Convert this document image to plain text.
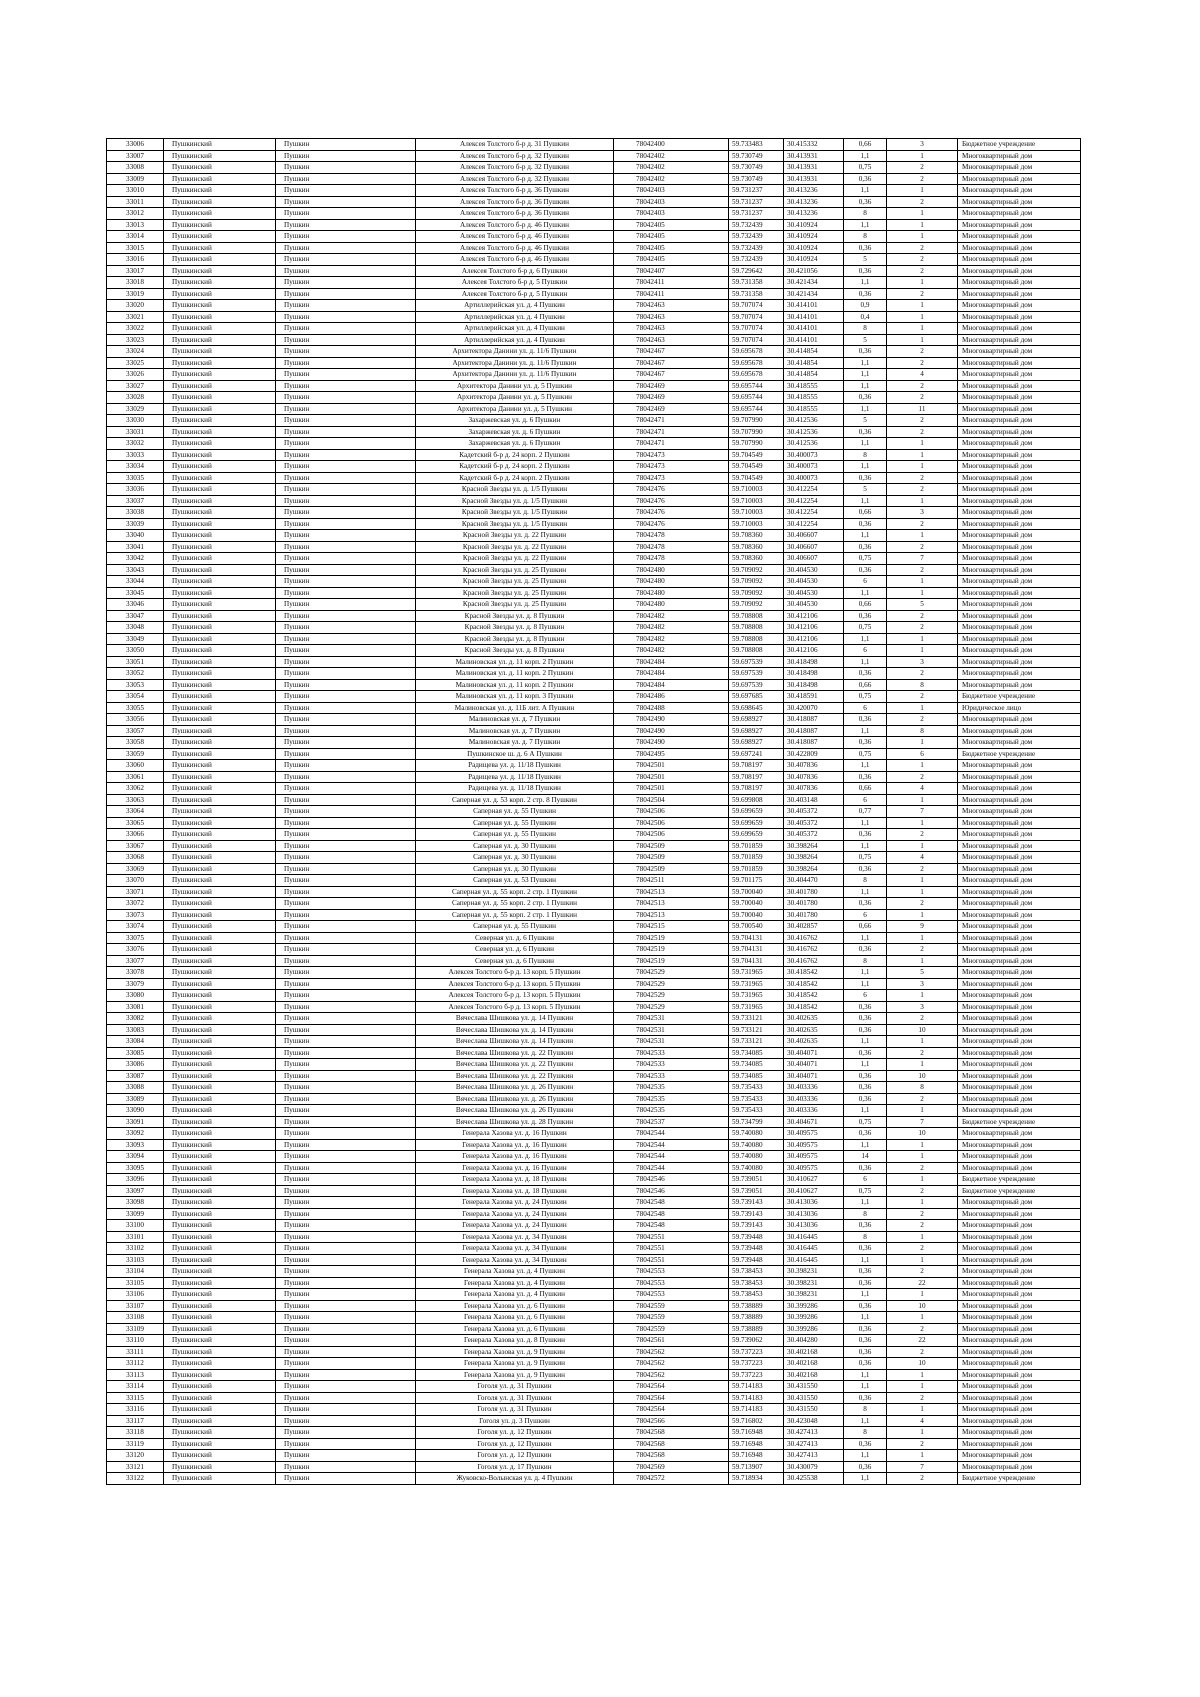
33006	Пушкинский	Пушкин	Алексея Толстого б-р д. 31 Пушкин	78042400	59.733483	30.415332	0,66	3	Бюджетное учреждение
33007	Пушкинский	Пушкин	Алексея Толстого б-р д. 32 Пушкин	78042402	59.730749	30.413931	1,1	1	Многоквартирный дом
33008	Пушкинский	Пушкин	Алексея Толстого б-р д. 32 Пушкин	78042402	59.730749	30.413931	0,75	2	Многоквартирный дом
33009	Пушкинский	Пушкин	Алексея Толстого б-р д. 32 Пушкин	78042402	59.730749	30.413931	0,36	2	Многоквартирный дом
33010	Пушкинский	Пушкин	Алексея Толстого б-р д. 36 Пушкин	78042403	59.731237	30.413236	1,1	1	Многоквартирный дом
33011	Пушкинский	Пушкин	Алексея Толстого б-р д. 36 Пушкин	78042403	59.731237	30.413236	0,36	2	Многоквартирный дом
33012	Пушкинский	Пушкин	Алексея Толстого б-р д. 36 Пушкин	78042403	59.731237	30.413236	8	1	Многоквартирный дом
33013	Пушкинский	Пушкин	Алексея Толстого б-р д. 46 Пушкин	78042405	59.732439	30.410924	1,1	1	Многоквартирный дом
33014	Пушкинский	Пушкин	Алексея Толстого б-р д. 46 Пушкин	78042405	59.732439	30.410924	8	1	Многоквартирный дом
33015	Пушкинский	Пушкин	Алексея Толстого б-р д. 46 Пушкин	78042405	59.732439	30.410924	0,36	2	Многоквартирный дом
33016	Пушкинский	Пушкин	Алексея Толстого б-р д. 46 Пушкин	78042405	59.732439	30.410924	5	2	Многоквартирный дом
33017	Пушкинский	Пушкин	Алексея Толстого б-р д. 6 Пушкин	78042407	59.729642	30.421056	0,36	2	Многоквартирный дом
33018	Пушкинский	Пушкин	Алексея Толстого б-р д. 5 Пушкин	78042411	59.731358	30.421434	1,1	1	Многоквартирный дом
33019	Пушкинский	Пушкин	Алексея Толстого б-р д. 5 Пушкин	78042411	59.731358	30.421434	0,36	2	Многоквартирный дом
33020	Пушкинский	Пушкин	Артиллерийская ул. д. 4 Пушкин	78042463	59.707074	30.414101	0,9	1	Многоквартирный дом
33021	Пушкинский	Пушкин	Артиллерийская ул. д. 4 Пушкин	78042463	59.707074	30.414101	0,4	1	Многоквартирный дом
33022	Пушкинский	Пушкин	Артиллерийская ул. д. 4 Пушкин	78042463	59.707074	30.414101	8	1	Многоквартирный дом
33023	Пушкинский	Пушкин	Артиллерийская ул. д. 4 Пушкин	78042463	59.707074	30.414101	5	1	Многоквартирный дом
33024	Пушкинский	Пушкин	Архитектора Данини ул. д. 11/6 Пушкин	78042467	59.695678	30.414854	0,36	2	Многоквартирный дом
33025	Пушкинский	Пушкин	Архитектора Данини ул. д. 11/6 Пушкин	78042467	59.695678	30.414854	1,1	2	Многоквартирный дом
33026	Пушкинский	Пушкин	Архитектора Данини ул. д. 11/6 Пушкин	78042467	59.695678	30.414854	1,1	4	Многоквартирный дом
33027	Пушкинский	Пушкин	Архитектора Данини ул. д. 5 Пушкин	78042469	59.695744	30.418555	1,1	2	Многоквартирный дом
33028	Пушкинский	Пушкин	Архитектора Данини ул. д. 5 Пушкин	78042469	59.695744	30.418555	0,36	2	Многоквартирный дом
33029	Пушкинский	Пушкин	Архитектора Данини ул. д. 5 Пушкин	78042469	59.695744	30.418555	1,1	11	Многоквартирный дом
33030	Пушкинский	Пушкин	Захаржевская ул. д. 6 Пушкин	78042471	59.707990	30.412536	5	2	Многоквартирный дом
33031	Пушкинский	Пушкин	Захаржевская ул. д. 6 Пушкин	78042471	59.707990	30.412536	0,36	2	Многоквартирный дом
33032	Пушкинский	Пушкин	Захаржевская ул. д. 6 Пушкин	78042471	59.707990	30.412536	1,1	1	Многоквартирный дом
33033	Пушкинский	Пушкин	Кадетский б-р д. 24 корп. 2 Пушкин	78042473	59.704549	30.400073	8	1	Многоквартирный дом
33034	Пушкинский	Пушкин	Кадетский б-р д. 24 корп. 2 Пушкин	78042473	59.704549	30.400073	1,1	1	Многоквартирный дом
33035	Пушкинский	Пушкин	Кадетский б-р д. 24 корп. 2 Пушкин	78042473	59.704549	30.400073	0,36	2	Многоквартирный дом
33036	Пушкинский	Пушкин	Красной Звезды ул. д. 1/5 Пушкин	78042476	59.710003	30.412254	5	2	Многоквартирный дом
33037	Пушкинский	Пушкин	Красной Звезды ул. д. 1/5 Пушкин	78042476	59.710003	30.412254	1,1	1	Многоквартирный дом
33038	Пушкинский	Пушкин	Красной Звезды ул. д. 1/5 Пушкин	78042476	59.710003	30.412254	0,66	3	Многоквартирный дом
33039	Пушкинский	Пушкин	Красной Звезды ул. д. 1/5 Пушкин	78042476	59.710003	30.412254	0,36	2	Многоквартирный дом
33040	Пушкинский	Пушкин	Красной Звезды ул. д. 22 Пушкин	78042478	59.708360	30.406607	1,1	1	Многоквартирный дом
33041	Пушкинский	Пушкин	Красной Звезды ул. д. 22 Пушкин	78042478	59.708360	30.406607	0,36	2	Многоквартирный дом
33042	Пушкинский	Пушкин	Красной Звезды ул. д. 22 Пушкин	78042478	59.708360	30.406607	0,75	7	Многоквартирный дом
33043	Пушкинский	Пушкин	Красной Звезды ул. д. 25 Пушкин	78042480	59.709092	30.404530	0,36	2	Многоквартирный дом
33044	Пушкинский	Пушкин	Красной Звезды ул. д. 25 Пушкин	78042480	59.709092	30.404530	6	1	Многоквартирный дом
33045	Пушкинский	Пушкин	Красной Звезды ул. д. 25 Пушкин	78042480	59.709092	30.404530	1,1	1	Многоквартирный дом
33046	Пушкинский	Пушкин	Красной Звезды ул. д. 25 Пушкин	78042480	59.709092	30.404530	0,66	5	Многоквартирный дом
33047	Пушкинский	Пушкин	Красной Звезды ул. д. 8 Пушкин	78042482	59.708808	30.412106	0,36	2	Многоквартирный дом
33048	Пушкинский	Пушкин	Красной Звезды ул. д. 8 Пушкин	78042482	59.708808	30.412106	0,75	2	Многоквартирный дом
33049	Пушкинский	Пушкин	Красной Звезды ул. д. 8 Пушкин	78042482	59.708808	30.412106	1,1	1	Многоквартирный дом
33050	Пушкинский	Пушкин	Красной Звезды ул. д. 8 Пушкин	78042482	59.708808	30.412106	6	1	Многоквартирный дом
33051	Пушкинский	Пушкин	Малиновская ул. д. 11 корп. 2 Пушкин	78042484	59.697539	30.418498	1,1	3	Многоквартирный дом
33052	Пушкинский	Пушкин	Малиновская ул. д. 11 корп. 2 Пушкин	78042484	59.697539	30.418498	0,36	2	Многоквартирный дом
33053	Пушкинский	Пушкин	Малиновская ул. д. 11 корп. 2 Пушкин	78042484	59.697539	30.418498	0,66	8	Многоквартирный дом
33054	Пушкинский	Пушкин	Малиновская ул. д. 11 корп. 3 Пушкин	78042486	59.697685	30.418591	0,75	2	Бюджетное учреждение
33055	Пушкинский	Пушкин	Малиновская ул. д. 11Б лит. А Пушкин	78042488	59.698645	30.420070	6	1	Юридическое лицо
33056	Пушкинский	Пушкин	Малиновская ул. д. 7 Пушкин	78042490	59.698927	30.418087	0,36	2	Многоквартирный дом
33057	Пушкинский	Пушкин	Малиновская ул. д. 7 Пушкин	78042490	59.698927	30.418087	1,1	8	Многоквартирный дом
33058	Пушкинский	Пушкин	Малиновская ул. д. 7 Пушкин	78042490	59.698927	30.418087	0,36	1	Многоквартирный дом
33059	Пушкинский	Пушкин	Пушкинское ш. д. 6 А Пушкин	78042495	59.697241	30.422809	0,75	6	Бюджетное учреждение
33060	Пушкинский	Пушкин	Радищева ул. д. 11/18 Пушкин	78042501	59.708197	30.407836	1,1	1	Многоквартирный дом
33061	Пушкинский	Пушкин	Радищева ул. д. 11/18 Пушкин	78042501	59.708197	30.407836	0,36	2	Многоквартирный дом
33062	Пушкинский	Пушкин	Радищева ул. д. 11/18 Пушкин	78042501	59.708197	30.407836	0,66	4	Многоквартирный дом
33063	Пушкинский	Пушкин	Саперная ул. д. 53 корп. 2 стр. 8 Пушкин	78042504	59.699808	30.403148	6	1	Многоквартирный дом
33064	Пушкинский	Пушкин	Саперная ул. д. 55 Пушкин	78042506	59.699659	30.405372	0,77	7	Многоквартирный дом
33065	Пушкинский	Пушкин	Саперная ул. д. 55 Пушкин	78042506	59.699659	30.405372	1,1	1	Многоквартирный дом
33066	Пушкинский	Пушкин	Саперная ул. д. 55 Пушкин	78042506	59.699659	30.405372	0,36	2	Многоквартирный дом
33067	Пушкинский	Пушкин	Саперная ул. д. 30 Пушкин	78042509	59.701859	30.398264	1,1	1	Многоквартирный дом
33068	Пушкинский	Пушкин	Саперная ул. д. 30 Пушкин	78042509	59.701859	30.398264	0,75	4	Многоквартирный дом
33069	Пушкинский	Пушкин	Саперная ул. д. 30 Пушкин	78042509	59.701859	30.398264	0,36	2	Многоквартирный дом
33070	Пушкинский	Пушкин	Саперная ул. д. 53 Пушкин	78042511	59.701175	30.404470	8	1	Многоквартирный дом
33071	Пушкинский	Пушкин	Саперная ул. д. 55 корп. 2 стр. 1 Пушкин	78042513	59.700040	30.401780	1,1	1	Многоквартирный дом
33072	Пушкинский	Пушкин	Саперная ул. д. 55 корп. 2 стр. 1 Пушкин	78042513	59.700040	30.401780	0,36	2	Многоквартирный дом
33073	Пушкинский	Пушкин	Саперная ул. д. 55 корп. 2 стр. 1 Пушкин	78042513	59.700040	30.401780	6	1	Многоквартирный дом
33074	Пушкинский	Пушкин	Саперная ул. д. 55 Пушкин	78042515	59.700540	30.402857	0,66	9	Многоквартирный дом
33075	Пушкинский	Пушкин	Северная ул. д. 6 Пушкин	78042519	59.704131	30.416762	1,1	1	Многоквартирный дом
33076	Пушкинский	Пушкин	Северная ул. д. 6 Пушкин	78042519	59.704131	30.416762	0,36	2	Многоквартирный дом
33077	Пушкинский	Пушкин	Северная ул. д. 6 Пушкин	78042519	59.704131	30.416762	8	1	Многоквартирный дом
33078	Пушкинский	Пушкин	Алексея Толстого б-р д. 13 корп. 5 Пушкин	78042529	59.731965	30.418542	1,1	5	Многоквартирный дом
33079	Пушкинский	Пушкин	Алексея Толстого б-р д. 13 корп. 5 Пушкин	78042529	59.731965	30.418542	1,1	3	Многоквартирный дом
33080	Пушкинский	Пушкин	Алексея Толстого б-р д. 13 корп. 5 Пушкин	78042529	59.731965	30.418542	6	1	Многоквартирный дом
33081	Пушкинский	Пушкин	Алексея Толстого б-р д. 13 корп. 5 Пушкин	78042529	59.731965	30.418542	0,36	3	Многоквартирный дом
33082	Пушкинский	Пушкин	Вячеслава Шишкова ул. д. 14 Пушкин	78042531	59.733121	30.402635	0,36	2	Многоквартирный дом
33083	Пушкинский	Пушкин	Вячеслава Шишкова ул. д. 14 Пушкин	78042531	59.733121	30.402635	0,36	10	Многоквартирный дом
33084	Пушкинский	Пушкин	Вячеслава Шишкова ул. д. 14 Пушкин	78042531	59.733121	30.402635	1,1	1	Многоквартирный дом
33085	Пушкинский	Пушкин	Вячеслава Шишкова ул. д. 22 Пушкин	78042533	59.734085	30.404071	0,36	2	Многоквартирный дом
33086	Пушкинский	Пушкин	Вячеслава Шишкова ул. д. 22 Пушкин	78042533	59.734085	30.404071	1,1	1	Многоквартирный дом
33087	Пушкинский	Пушкин	Вячеслава Шишкова ул. д. 22 Пушкин	78042533	59.734085	30.404071	0,36	10	Многоквартирный дом
33088	Пушкинский	Пушкин	Вячеслава Шишкова ул. д. 26 Пушкин	78042535	59.735433	30.403336	0,36	8	Многоквартирный дом
33089	Пушкинский	Пушкин	Вячеслава Шишкова ул. д. 26 Пушкин	78042535	59.735433	30.403336	0,36	2	Многоквартирный дом
33090	Пушкинский	Пушкин	Вячеслава Шишкова ул. д. 26 Пушкин	78042535	59.735433	30.403336	1,1	1	Многоквартирный дом
33091	Пушкинский	Пушкин	Вячеслава Шишкова ул. д. 28 Пушкин	78042537	59.734799	30.404671	0,75	7	Бюджетное учреждение
33092	Пушкинский	Пушкин	Генерала Хазова ул. д. 16 Пушкин	78042544	59.740080	30.409575	0,36	10	Многоквартирный дом
33093	Пушкинский	Пушкин	Генерала Хазова ул. д. 16 Пушкин	78042544	59.740080	30.409575	1,1	1	Многоквартирный дом
33094	Пушкинский	Пушкин	Генерала Хазова ул. д. 16 Пушкин	78042544	59.740080	30.409575	14	1	Многоквартирный дом
33095	Пушкинский	Пушкин	Генерала Хазова ул. д. 16 Пушкин	78042544	59.740080	30.409575	0,36	2	Многоквартирный дом
33096	Пушкинский	Пушкин	Генерала Хазова ул. д. 18 Пушкин	78042546	59.739051	30.410627	6	1	Бюджетное учреждение
33097	Пушкинский	Пушкин	Генерала Хазова ул. д. 18 Пушкин	78042546	59.739051	30.410627	0,75	2	Бюджетное учреждение
33098	Пушкинский	Пушкин	Генерала Хазова ул. д. 24 Пушкин	78042548	59.739143	30.413036	1,1	1	Многоквартирный дом
33099	Пушкинский	Пушкин	Генерала Хазова ул. д. 24 Пушкин	78042548	59.739143	30.413036	8	2	Многоквартирный дом
33100	Пушкинский	Пушкин	Генерала Хазова ул. д. 24 Пушкин	78042548	59.739143	30.413036	0,36	2	Многоквартирный дом
33101	Пушкинский	Пушкин	Генерала Хазова ул. д. 34 Пушкин	78042551	59.739448	30.416445	8	1	Многоквартирный дом
33102	Пушкинский	Пушкин	Генерала Хазова ул. д. 34 Пушкин	78042551	59.739448	30.416445	0,36	2	Многоквартирный дом
33103	Пушкинский	Пушкин	Генерала Хазова ул. д. 34 Пушкин	78042551	59.739448	30.416445	1,1	1	Многоквартирный дом
33104	Пушкинский	Пушкин	Генерала Хазова ул. д. 4 Пушкин	78042553	59.738453	30.398231	0,36	2	Многоквартирный дом
33105	Пушкинский	Пушкин	Генерала Хазова ул. д. 4 Пушкин	78042553	59.738453	30.398231	0,36	22	Многоквартирный дом
33106	Пушкинский	Пушкин	Генерала Хазова ул. д. 4 Пушкин	78042553	59.738453	30.398231	1,1	1	Многоквартирный дом
33107	Пушкинский	Пушкин	Генерала Хазова ул. д. 6 Пушкин	78042559	59.738889	30.399286	0,36	10	Многоквартирный дом
33108	Пушкинский	Пушкин	Генерала Хазова ул. д. 6 Пушкин	78042559	59.738889	30.399286	1,1	1	Многоквартирный дом
33109	Пушкинский	Пушкин	Генерала Хазова ул. д. 6 Пушкин	78042559	59.738889	30.399286	0,36	2	Многоквартирный дом
33110	Пушкинский	Пушкин	Генерала Хазова ул. д. 8 Пушкин	78042561	59.739062	30.404280	0,36	22	Многоквартирный дом
33111	Пушкинский	Пушкин	Генерала Хазова ул. д. 9 Пушкин	78042562	59.737223	30.402168	0,36	2	Многоквартирный дом
33112	Пушкинский	Пушкин	Генерала Хазова ул. д. 9 Пушкин	78042562	59.737223	30.402168	0,36	10	Многоквартирный дом
33113	Пушкинский	Пушкин	Генерала Хазова ул. д. 9 Пушкин	78042562	59.737223	30.402168	1,1	1	Многоквартирный дом
33114	Пушкинский	Пушкин	Гоголя ул. д. 31 Пушкин	78042564	59.714183	30.431550	1,1	1	Многоквартирный дом
33115	Пушкинский	Пушкин	Гоголя ул. д. 31 Пушкин	78042564	59.714183	30.431550	0,36	2	Многоквартирный дом
33116	Пушкинский	Пушкин	Гоголя ул. д. 31 Пушкин	78042564	59.714183	30.431550	8	1	Многоквартирный дом
33117	Пушкинский	Пушкин	Гоголя ул. д. 3 Пушкин	78042566	59.716802	30.423048	1,1	4	Многоквартирный дом
33118	Пушкинский	Пушкин	Гоголя ул. д. 12 Пушкин	78042568	59.716948	30.427413	8	1	Многоквартирный дом
33119	Пушкинский	Пушкин	Гоголя ул. д. 12 Пушкин	78042568	59.716948	30.427413	0,36	2	Многоквартирный дом
33120	Пушкинский	Пушкин	Гоголя ул. д. 12 Пушкин	78042568	59.716948	30.427413	1,1	1	Многоквартирный дом
33121	Пушкинский	Пушкин	Гоголя ул. д. 17 Пушкин	78042569	59.713907	30.430079	0,36	7	Многоквартирный дом
33122	Пушкинский	Пушкин	Жуковско-Волынская ул. д. 4 Пушкин	78042572	59.718934	30.425538	1,1	2	Бюджетное учреждение
